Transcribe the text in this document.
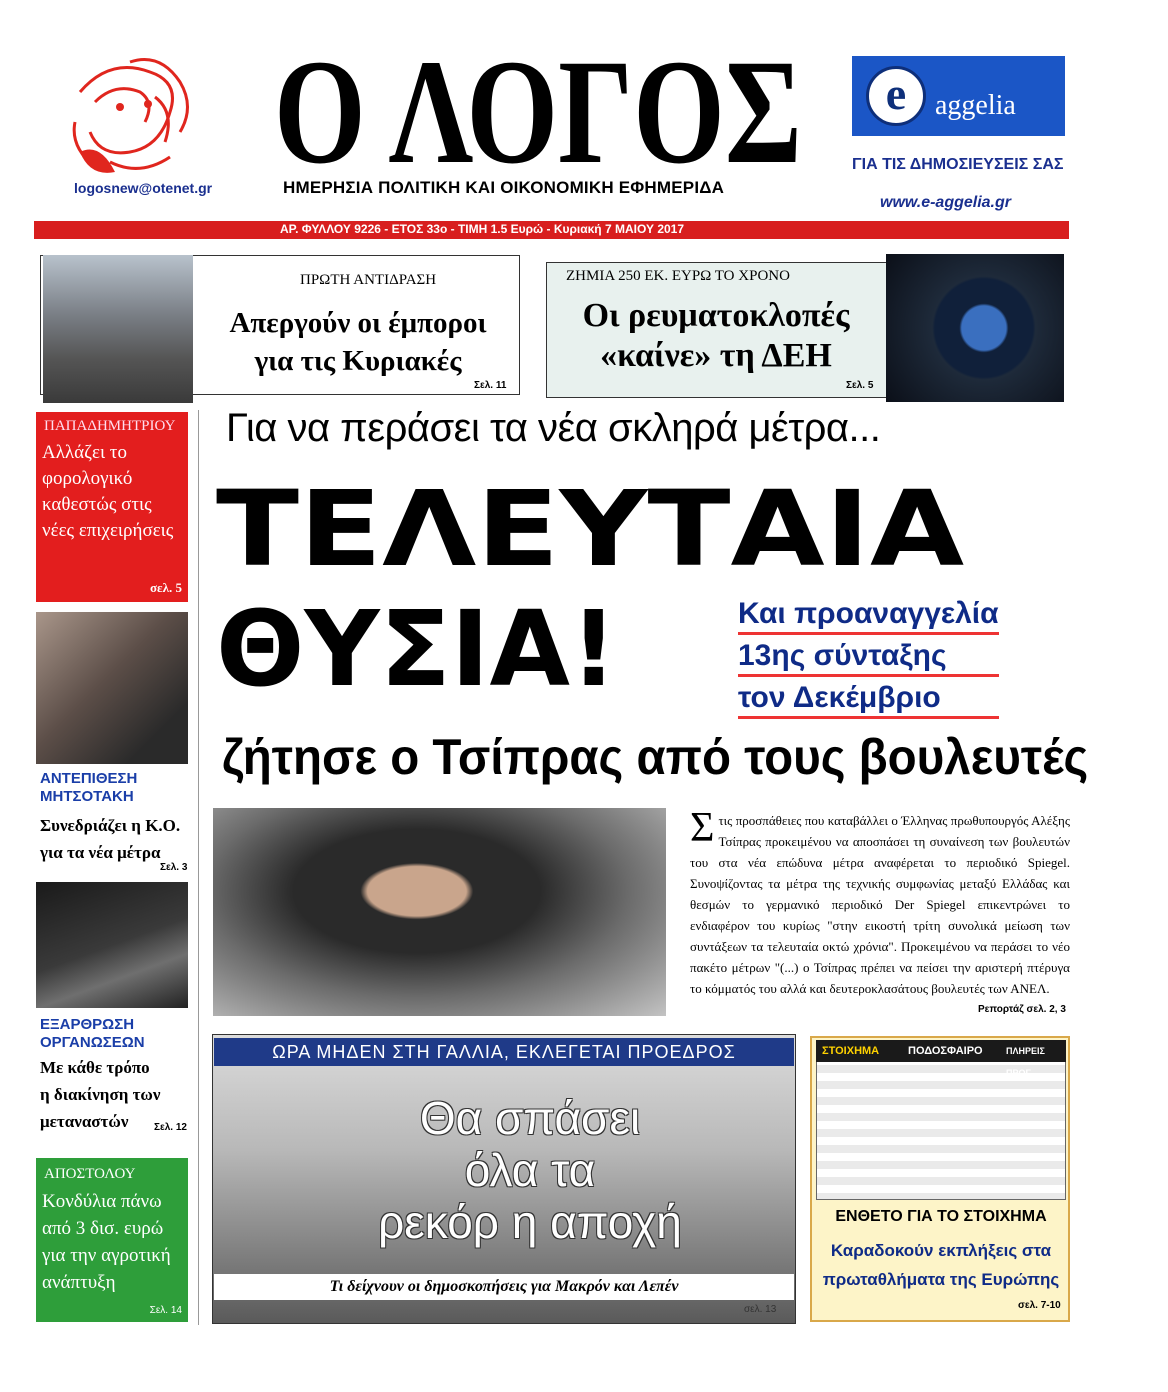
logosnew@otenet.gr Ο ΛΟΓΟΣ
ΗΜΕΡΗΣΙΑ ΠΟΛΙΤΙΚΗ ΚΑΙ ΟΙΚΟΝΟΜΙΚΗ ΕΦΗΜΕΡΙΔΑ
e	aggelia
ΓΙΑ ΤΙΣ ΔΗΜΟΣΙΕΥΣΕΙΣ ΣΑΣ
www.e-aggelia.gr
ΑΡ. ΦΥΛΛΟΥ 9226 - ΕΤΟΣ 33ο - ΤΙΜΗ 1.5 Ευρώ - Κυριακή 7 ΜΑΙΟΥ 2017
ΠΡΩΤΗ ΑΝΤΙΔΡΑΣΗ
Απεργούν οι έμποροι
για τις Κυριακές
Σελ. 11
ΖΗΜΙΑ 250 ΕΚ. ΕΥΡΩ ΤΟ ΧΡΟΝΟ
Οι ρευματοκλοπές
«καίνε» τη ΔΕΗ
Σελ. 5
ΠΑΠΑΔΗΜΗΤΡΙΟΥ
Αλλάζει το φορολογικό καθεστώς στις νέες επιχειρήσεις
σελ. 5
ΑΝΤΕΠΙΘΕΣΗ
ΜΗΤΣΟΤΑΚΗ
Συνεδριάζει η Κ.Ο.
για τα νέα μέτρα
Σελ. 3
ΕΞΑΡΘΡΩΣΗ
ΟΡΓΑΝΩΣΕΩΝ
Με κάθε τρόπο
η διακίνηση των
μεταναστών	Σελ. 12
ΑΠΟΣΤΟΛΟΥ
Κονδύλια πάνω από 3 δισ. ευρώ για την αγροτική ανάπτυξη
Σελ. 14
Για να περάσει τα νέα σκληρά μέτρα...
ΤΕΛΕΥΤΑΙΑ
ΘΥΣΙΑ!	Και προαναγγελία
13ης σύνταξης
τον Δεκέμβριο
ζήτησε ο Τσίπρας από τους βουλευτές
Στις προσπάθειες που καταβάλλει ο Έλληνας πρωθυπουργός Αλέξης Τσίπρας προκειμένου να αποσπάσει τη συναίνεση των βουλευτών του στα νέα επώδυνα μέτρα αναφέρεται το περιοδικό Spiegel. Συνοψίζοντας τα μέτρα της τεχνικής συμφωνίας μεταξύ Ελλάδας και θεσμών το γερμανικό περιοδικό Der Spiegel επικεντρώνει το ενδιαφέρον του κυρίως "στην εικοστή τρίτη συνολικά μείωση των συντάξεων τα τελευταία οκτώ χρόνια". Προκειμένου να περάσει το νέο πακέτο μέτρων "(...) ο Τσίπρας πρέπει να πείσει την αριστερή πτέρυγα το κόμματός του αλλά και δευτεροκλασάτους βουλευτές των ΑΝΕΛ.
Ρεπορτάζ σελ. 2, 3
ΩΡΑ ΜΗΔΕΝ ΣΤΗ ΓΑΛΛΙΑ, ΕΚΛΕΓΕΤΑΙ ΠΡΟΕΔΡΟΣ
Θα σπάσει
όλα τα
ρεκόρ η αποχή
Τι δείχνουν οι δημοσκοπήσεις για Μακρόν και Λεπέν
σελ. 13
ΣΤΟΙΧΗΜΑ	ΠΟΔΟΣΦΑΙΡΟ	ΠΛΗΡΕΙΣ ΠΡΟΓ
ΕΝΘΕΤΟ ΓΙΑ ΤΟ ΣΤΟΙΧΗΜΑ
Καραδοκούν εκπλήξεις στα
πρωταθλήματα της Ευρώπης
σελ. 7-10
